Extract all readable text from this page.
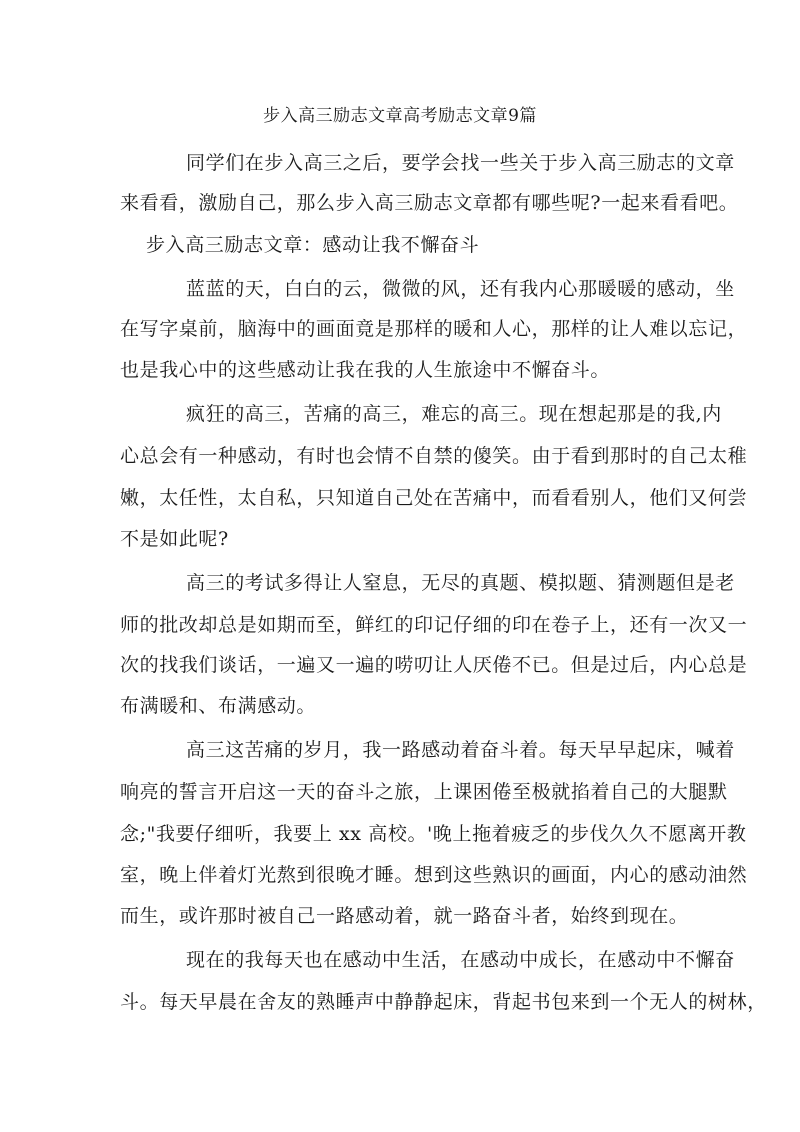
步入高三励志文章高考励志文章9篇
同学们在步入高三之后，要学会找一些关于步入高三励志的文章
来看看，激励自己，那么步入高三励志文章都有哪些呢?一起来看看吧。
步入高三励志文章：感动让我不懈奋斗
蓝蓝的天，白白的云，微微的风，还有我内心那暖暖的感动，坐
在写字桌前，脑海中的画面竟是那样的暖和人心，那样的让人难以忘记，
也是我心中的这些感动让我在我的人生旅途中不懈奋斗。
疯狂的高三，苦痛的高三，难忘的高三。现在想起那是的我,内
心总会有一种感动，有时也会情不自禁的傻笑。由于看到那时的自己太稚
嫩，太任性，太自私，只知道自己处在苦痛中，而看看别人，他们又何尝
不是如此呢?
高三的考试多得让人窒息，无尽的真题、模拟题、猜测题但是老
师的批改却总是如期而至，鲜红的印记仔细的印在卷子上，还有一次又一
次的找我们谈话，一遍又一遍的唠叨让人厌倦不已。但是过后，内心总是
布满暖和、布满感动。
高三这苦痛的岁月，我一路感动着奋斗着。每天早早起床，喊着
响亮的誓言开启这一天的奋斗之旅，上课困倦至极就掐着自己的大腿默
念;"我要仔细听，我要上 xx 高校。'晚上拖着疲乏的步伐久久不愿离开教
室，晚上伴着灯光熬到很晚才睡。想到这些熟识的画面，内心的感动油然
而生，或许那时被自己一路感动着，就一路奋斗者，始终到现在。
现在的我每天也在感动中生活，在感动中成长，在感动中不懈奋
斗。每天早晨在舍友的熟睡声中静静起床，背起书包来到一个无人的树林，
